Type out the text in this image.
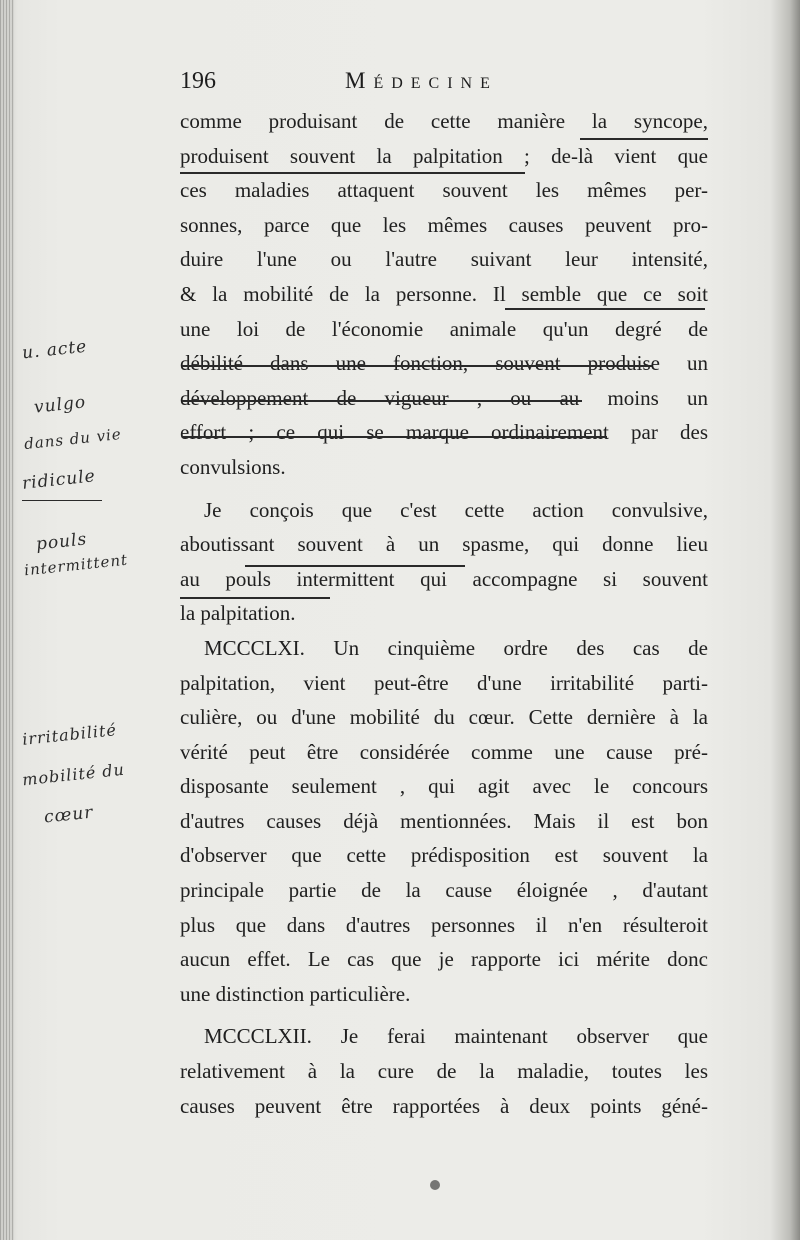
196	Médecine
comme produisant de cette manière la syncope,
produisent souvent la palpitation ; de-là vient que
ces maladies attaquent souvent les mêmes per-
sonnes, parce que les mêmes causes peuvent pro-
duire l'une ou l'autre suivant leur intensité,
& la mobilité de la personne. Il semble que ce soit
une loi de l'économie animale qu'un degré de
débilité dans une fonction, souvent produise un
développement de vigueur , ou au moins un
effort ; ce qui se marque ordinairement par des
convulsions.
Je conçois que c'est cette action convulsive,
aboutissant souvent à un spasme, qui donne lieu
au pouls intermittent qui accompagne si souvent
la palpitation.
MCCCLXI. Un cinquième ordre des cas de
palpitation, vient peut-être d'une irritabilité parti-
culière, ou d'une mobilité du cœur. Cette dernière à la
vérité peut être considérée comme une cause pré-
disposante seulement , qui agit avec le concours
d'autres causes déjà mentionnées. Mais il est bon
d'observer que cette prédisposition est souvent la
principale partie de la cause éloignée , d'autant
plus que dans d'autres personnes il n'en résulteroit
aucun effet. Le cas que je rapporte ici mérite donc
une distinction particulière.
MCCCLXII. Je ferai maintenant observer que
relativement à la cure de la maladie, toutes les
causes peuvent être rapportées à deux points géné-
u. acte
vulgo
dans du vie
ridicule
pouls
intermittent
irritabilité
mobilité du
cœur
